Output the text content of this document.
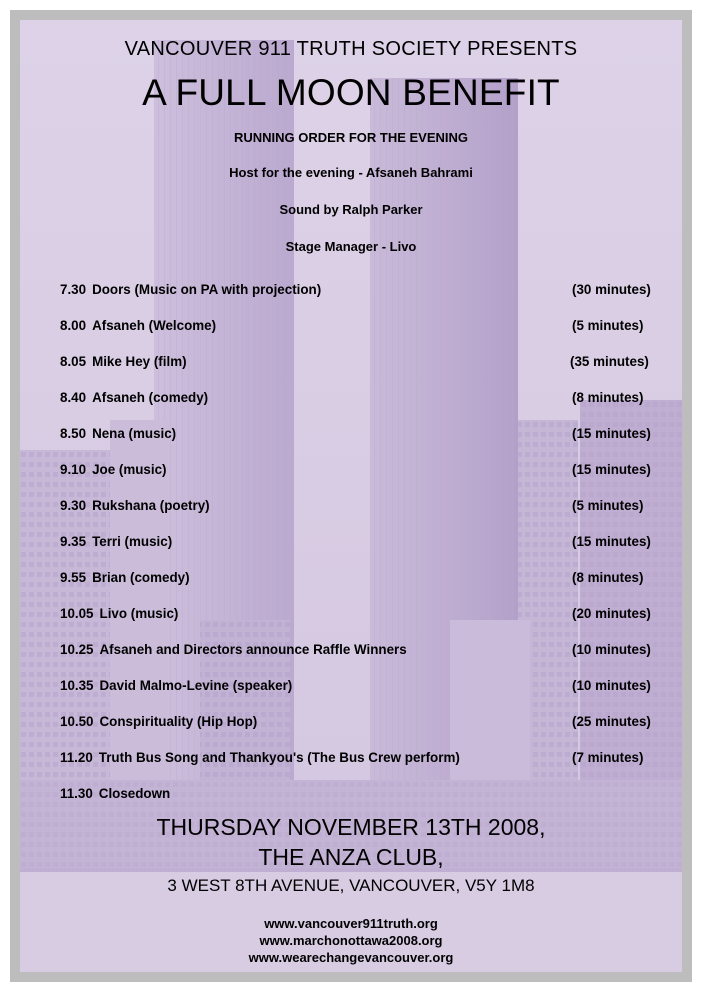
VANCOUVER 911 TRUTH SOCIETY PRESENTS
A FULL MOON BENEFIT
RUNNING ORDER FOR THE EVENING
Host for the evening - Afsaneh Bahrami
Sound by Ralph Parker
Stage Manager - Livo
7.30 Doors (Music on PA with projection)	(30 minutes)
8.00 Afsaneh (Welcome)	(5 minutes)
8.05 Mike Hey (film)	(35 minutes)
8.40 Afsaneh (comedy)	(8 minutes)
8.50 Nena (music)	(15 minutes)
9.10 Joe (music)	(15 minutes)
9.30 Rukshana (poetry)	(5 minutes)
9.35 Terri (music)	(15 minutes)
9.55 Brian (comedy)	(8 minutes)
10.05 Livo (music)	(20 minutes)
10.25 Afsaneh and Directors announce Raffle Winners	(10 minutes)
10.35 David Malmo-Levine (speaker)	(10 minutes)
10.50 Conspirituality (Hip Hop)	(25 minutes)
11.20 Truth Bus Song and Thankyou's (The Bus Crew perform)	(7 minutes)
11.30 Closedown
THURSDAY NOVEMBER 13TH 2008,
THE ANZA CLUB,
3 WEST 8TH AVENUE, VANCOUVER, V5Y 1M8
www.vancouver911truth.org
www.marchonottawa2008.org
www.wearechangevancouver.org
